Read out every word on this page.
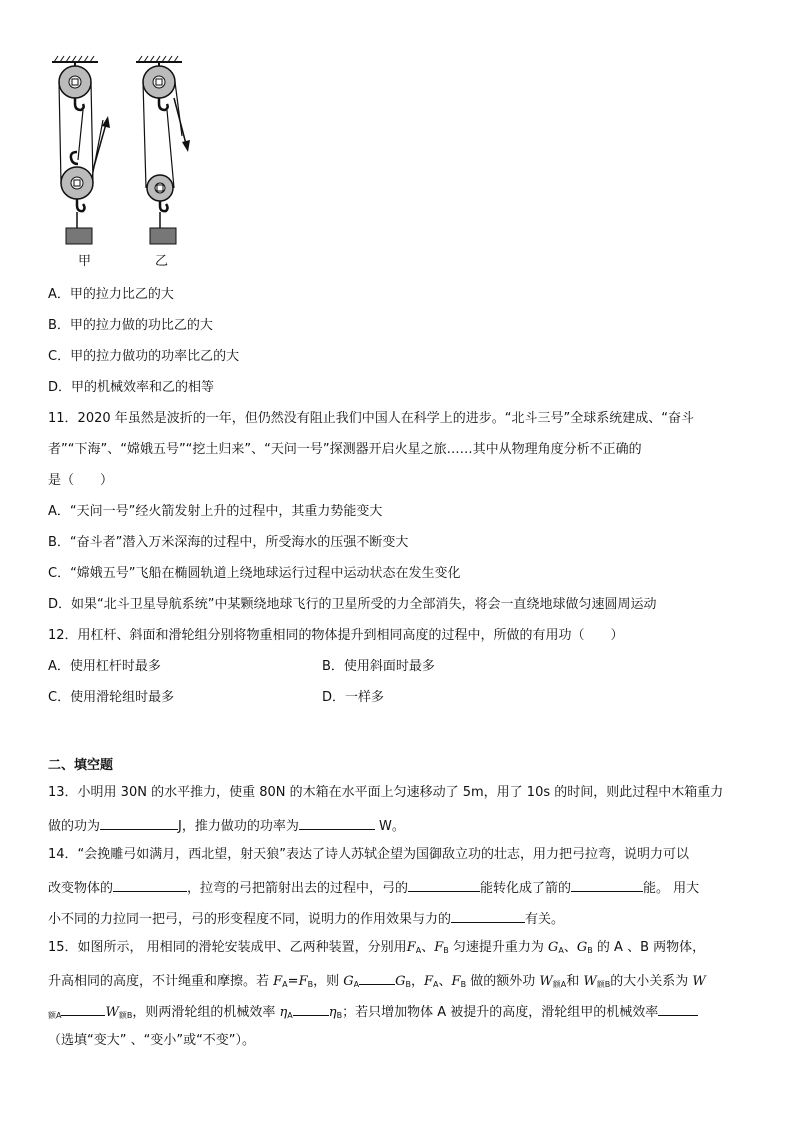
甲	乙
A．甲的拉力比乙的大
B．甲的拉力做的功比乙的大
C．甲的拉力做功的功率比乙的大
D．甲的机械效率和乙的相等
11．2020 年虽然是波折的一年，但仍然没有阻止我们中国人在科学上的进步。“北斗三号”全球系统建成、“奋斗
者”“下海”、“嫦娥五号”“挖土归来”、“天问一号”探测器开启火星之旅……其中从物理角度分析不正确的
是（　　）
A．“天问一号”经火箭发射上升的过程中，其重力势能变大
B．“奋斗者”潜入万米深海的过程中，所受海水的压强不断变大
C．“嫦娥五号”飞船在椭圆轨道上绕地球运行过程中运动状态在发生变化
D．如果“北斗卫星导航系统”中某颗绕地球飞行的卫星所受的力全部消失，将会一直绕地球做匀速圆周运动
12．用杠杆、斜面和滑轮组分别将物重相同的物体提升到相同高度的过程中，所做的有用功（　　）
A．使用杠杆时最多	B．使用斜面时最多
C．使用滑轮组时最多	D．一样多
二、填空题
13．小明用 30N 的水平推力，使重 80N 的木箱在水平面上匀速移动了 5m，用了 10s 的时间，则此过程中木箱重力
做的功为	J，推力做功的功率为	W。
14．“会挽雕弓如满月，西北望，射天狼”表达了诗人苏轼企望为国御敌立功的壮志，用力把弓拉弯，说明力可以
改变物体的	，拉弯的弓把箭射出去的过程中，弓的	能转化成了箭的	能。 用大
小不同的力拉同一把弓，弓的形变程度不同，说明力的作用效果与力的	有关。
15．如图所示， 用相同的滑轮安装成甲、乙两种装置，分别用$F_A$、$F_B$ 匀速提升重力为 $G_A$、$G_B$ 的 A 、B 两物体，
升高相同的高度，不计绳重和摩擦。若 $F_A=F_B$，则 $G_A$	$G_B$，$F_A$、$F_B$ 做的额外功 $W_{额A}$和 $W_{额B}$的大小关系为 W
$_{额A}$	$W_{额B}$，则两滑轮组的机械效率 $\eta_A$	$\eta_B$；若只增加物体 A 被提升的高度，滑轮组甲的机械效率
（选填“变大” 、“变小”或“不变”）。
